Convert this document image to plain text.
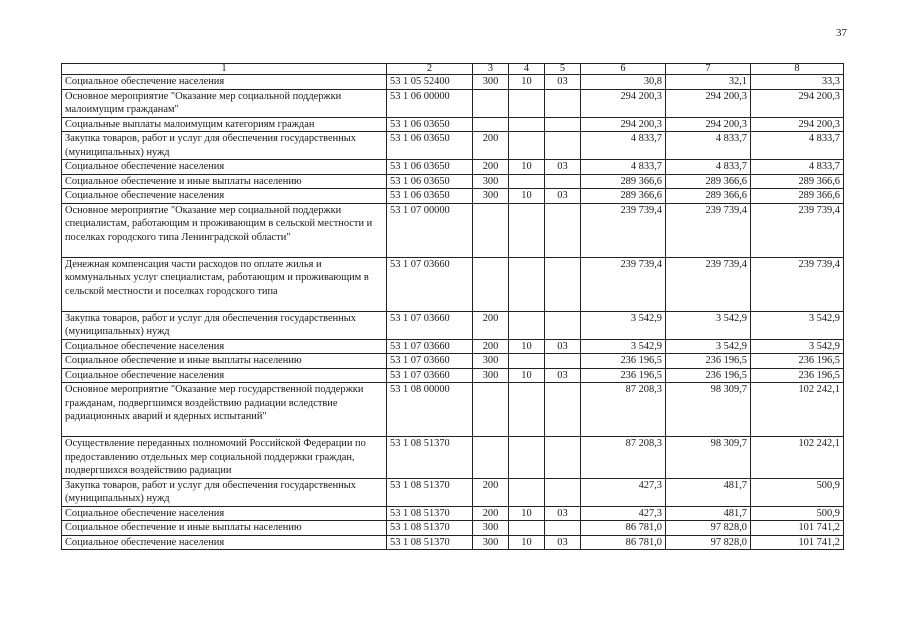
37
1	2	3	4	5	6	7	8
Социальное обеспечение населения	53 1 05 52400	300	10	03	30,8	32,1	33,3
Основное мероприятие "Оказание мер социальной поддержки малоимущим гражданам"	53 1 06 00000				294 200,3	294 200,3	294 200,3
Социальные выплаты малоимущим категориям граждан	53 1 06 03650				294 200,3	294 200,3	294 200,3
Закупка товаров, работ и услуг для обеспечения государственных (муниципальных) нужд	53 1 06 03650	200			4 833,7	4 833,7	4 833,7
Социальное обеспечение населения	53 1 06 03650	200	10	03	4 833,7	4 833,7	4 833,7
Социальное обеспечение и иные выплаты населению	53 1 06 03650	300			289 366,6	289 366,6	289 366,6
Социальное обеспечение населения	53 1 06 03650	300	10	03	289 366,6	289 366,6	289 366,6
Основное мероприятие "Оказание мер социальной поддержки специалистам, работающим и проживающим в сельской местности и поселках городского типа Ленинградской области"	53 1 07 00000				239 739,4	239 739,4	239 739,4
Денежная компенсация части расходов по оплате жилья и коммунальных услуг специалистам, работающим и проживающим в сельской местности и поселках городского типа	53 1 07 03660				239 739,4	239 739,4	239 739,4
Закупка товаров, работ и услуг для обеспечения государственных (муниципальных) нужд	53 1 07 03660	200			3 542,9	3 542,9	3 542,9
Социальное обеспечение населения	53 1 07 03660	200	10	03	3 542,9	3 542,9	3 542,9
Социальное обеспечение и иные выплаты населению	53 1 07 03660	300			236 196,5	236 196,5	236 196,5
Социальное обеспечение населения	53 1 07 03660	300	10	03	236 196,5	236 196,5	236 196,5
Основное мероприятие "Оказание мер государственной поддержки гражданам, подвергшимся воздействию радиации вследствие радиационных аварий и ядерных испытаний"	53 1 08 00000				87 208,3	98 309,7	102 242,1
Осуществление переданных полномочий Российской Федерации по предоставлению отдельных мер социальной поддержки граждан, подвергшихся воздействию радиации	53 1 08 51370				87 208,3	98 309,7	102 242,1
Закупка товаров, работ и услуг для обеспечения государственных (муниципальных) нужд	53 1 08 51370	200			427,3	481,7	500,9
Социальное обеспечение населения	53 1 08 51370	200	10	03	427,3	481,7	500,9
Социальное обеспечение и иные выплаты населению	53 1 08 51370	300			86 781,0	97 828,0	101 741,2
Социальное обеспечение населения	53 1 08 51370	300	10	03	86 781,0	97 828,0	101 741,2
